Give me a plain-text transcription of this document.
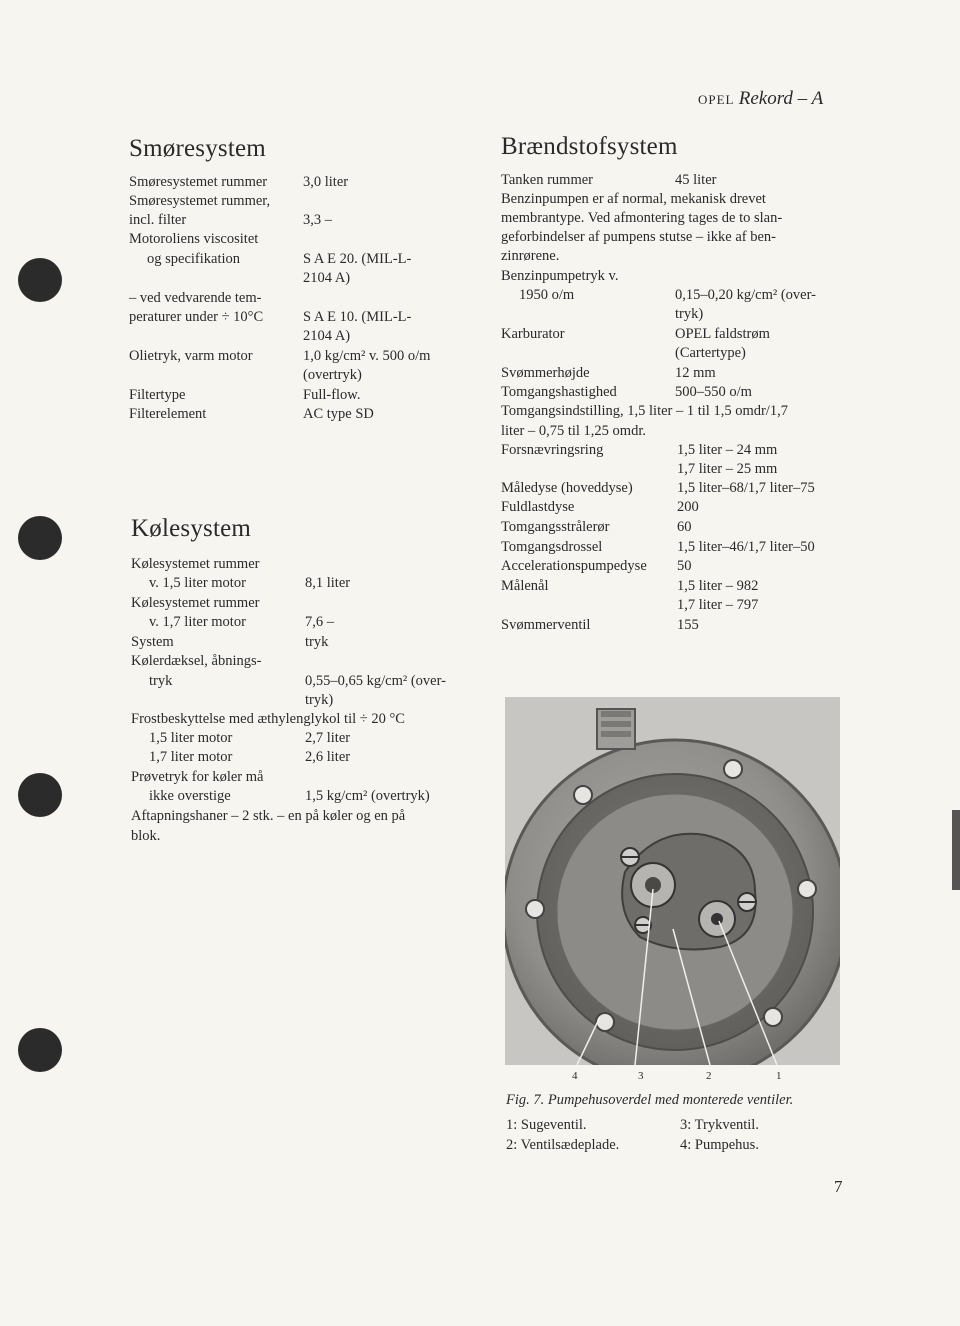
OPEL Rekord – A
Smøresystem
Smøresystemet rummer 3,0 liter
Smøresystemet rummer,
incl. filter	3,3 –
Motoroliens viscositet
og specifikation	S A E 20. (MIL-L-
2104 A)
– ved vedvarende tem-
peraturer under ÷ 10°C	S A E 10. (MIL-L-
2104 A)
Olietryk, varm motor	1,0 kg/cm² v. 500 o/m
(overtryk)
Filtertype	Full-flow.
Filterelement	AC type SD
Kølesystem
Kølesystemet rummer
v. 1,5 liter motor	8,1 liter
Kølesystemet rummer
v. 1,7 liter motor	7,6 –
System	tryk
Kølerdæksel, åbnings-
tryk	0,55–0,65 kg/cm² (over-
tryk)
Frostbeskyttelse med æthylenglykol til ÷ 20 °C
1,5 liter motor	2,7 liter
1,7 liter motor	2,6 liter
Prøvetryk for køler må
ikke overstige	1,5 kg/cm² (overtryk)
Aftapningshaner – 2 stk. – en på køler og en på
blok.
Brændstofsystem
Tanken rummer	45 liter
Benzinpumpen er af normal, mekanisk drevet
membrantype. Ved afmontering tages de to slan-
geforbindelser af pumpens stutse – ikke af ben-
zinrørene.
Benzinpumpetryk v.
1950 o/m	0,15–0,20 kg/cm² (over-
tryk)
Karburator	OPEL faldstrøm
(Cartertype)
Svømmerhøjde	12 mm
Tomgangshastighed	500–550 o/m
Tomgangsindstilling, 1,5 liter – 1 til 1,5 omdr/1,7
liter – 0,75 til 1,25 omdr.
Forsnævringsring	1,5 liter – 24 mm
1,7 liter – 25 mm
Måledyse (hoveddyse)	1,5 liter–68/1,7 liter–75
Fuldlastdyse	200
Tomgangsstrålerør	60
Tomgangsdrossel	1,5 liter–46/1,7 liter–50
Accelerationspumpedyse 50
Målenål	1,5 liter – 982
1,7 liter – 797
Svømmerventil	155
4	3	2	1
Fig. 7. Pumpehusoverdel med monterede ventiler.
1: Sugeventil.	3: Trykventil.
2: Ventilsædeplade.	4: Pumpehus.
7
